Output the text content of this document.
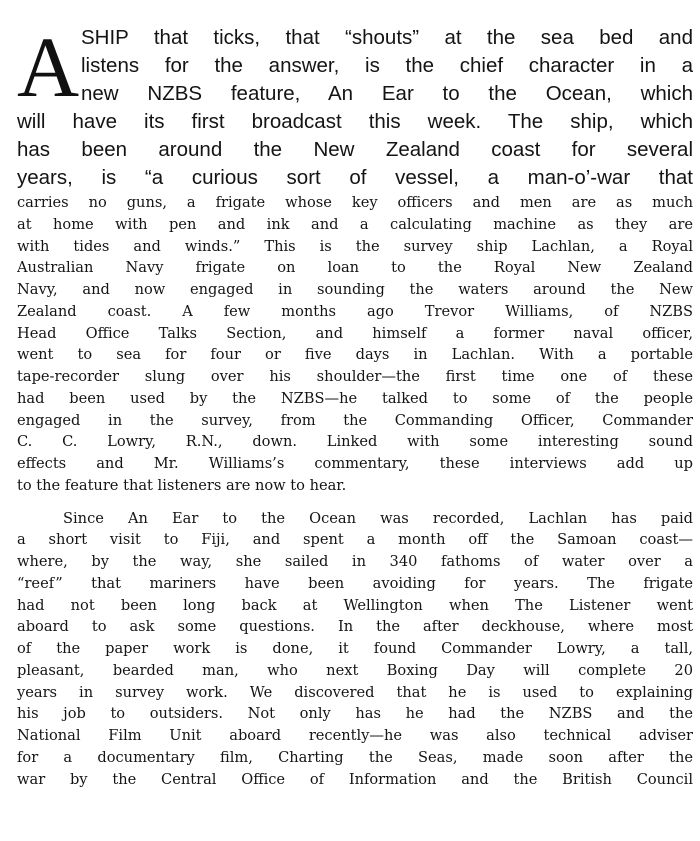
A SHIP that ticks, that “shouts” at the sea bed and
listens for the answer, is the chief character in a
new NZBS feature, An Ear to the Ocean, which
will have its first broadcast this week. The ship, which
has been around the New Zealand coast for several
years, is “a curious sort of vessel, a man-o’-war that
carries no guns, a frigate whose key officers and men are as much
at home with pen and ink and a calculating machine as they are
with tides and winds.” This is the survey ship Lachlan, a Royal
Australian Navy frigate on loan to the Royal New Zealand
Navy, and now engaged in sounding the waters around the New
Zealand coast. A few months ago Trevor Williams, of NZBS
Head Office Talks Section, and himself a former naval officer,
went to sea for four or five days in Lachlan. With a portable
tape-recorder slung over his shoulder—the first time one of these
had been used by the NZBS—he talked to some of the people
engaged in the survey, from the Commanding Officer, Commander
C. C. Lowry, R.N., down. Linked with some interesting sound
effects and Mr. Williams’s commentary, these interviews add up
to the feature that listeners are now to hear.
Since An Ear to the Ocean was recorded, Lachlan has paid
a short visit to Fiji, and spent a month off the Samoan coast—
where, by the way, she sailed in 340 fathoms of water over a
“reef” that mariners have been avoiding for years. The frigate
had not been long back at Wellington when The Listener went
aboard to ask some questions. In the after deckhouse, where most
of the paper work is done, it found Commander Lowry, a tall,
pleasant, bearded man, who next Boxing Day will complete 20
years in survey work. We discovered that he is used to explaining
his job to outsiders. Not only has he had the NZBS and the
National Film Unit aboard recently—he was also technical adviser
for a documentary film, Charting the Seas, made soon after the
war by the Central Office of Information and the British Council
